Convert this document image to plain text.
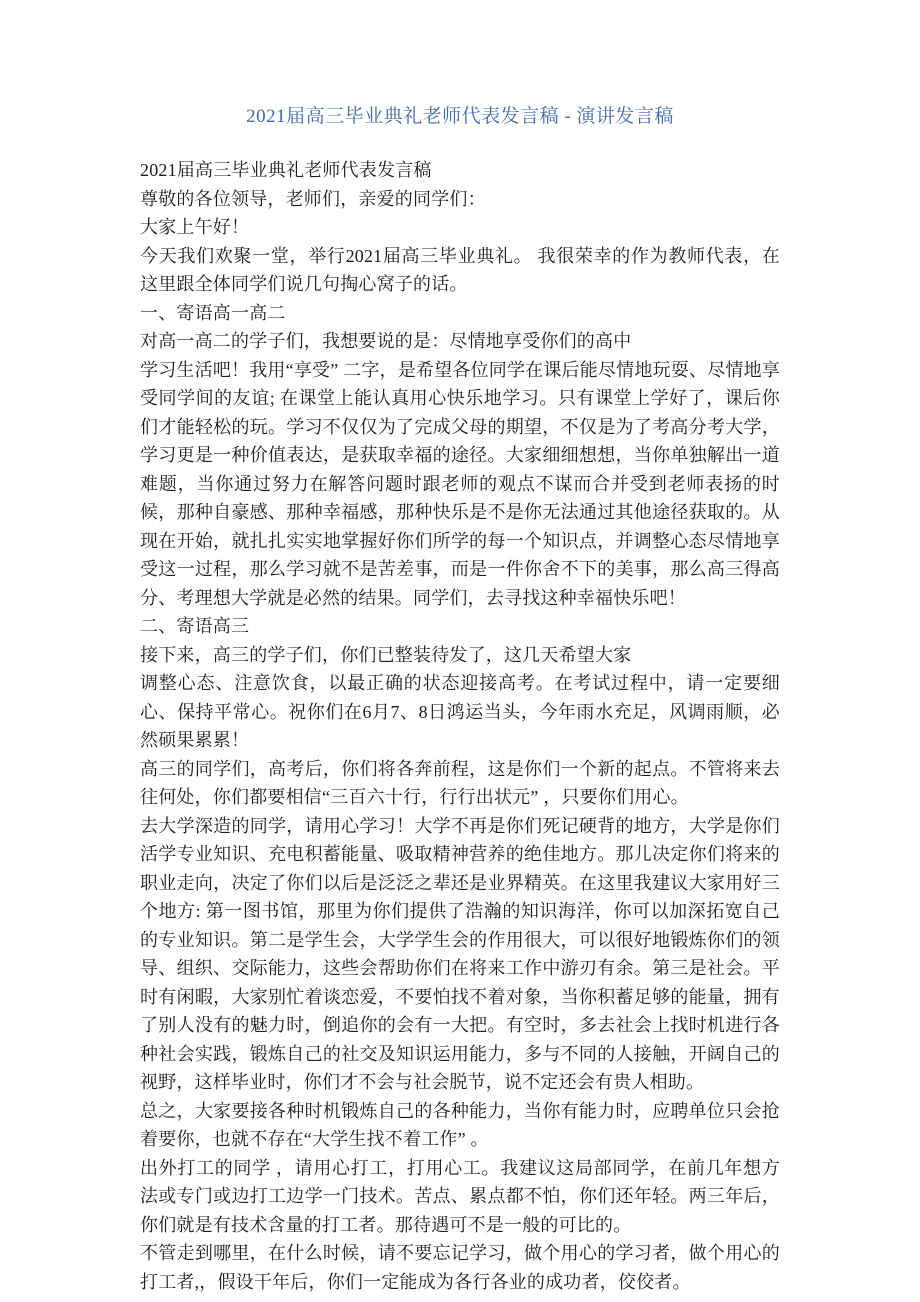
2021届高三毕业典礼老师代表发言稿 - 演讲发言稿

2021届高三毕业典礼老师代表发言稿

尊敬的各位领导，老师们，亲爱的同学们：

大家上午好！

今天我们欢聚一堂，举行2021届高三毕业典礼。 我很荣幸的作为教师代表，在这里跟全体同学们说几句掏心窝子的话。

一、寄语高一高二

对高一高二的学子们，我想要说的是：尽情地享受你们的高中

学习生活吧！我用“享受” 二字，是希望各位同学在课后能尽情地玩耍、尽情地享受同学间的友谊; 在课堂上能认真用心快乐地学习。只有课堂上学好了，课后你们才能轻松的玩。学习不仅仅为了完成父母的期望，不仅是为了考高分考大学，学习更是一种价值表达，是获取幸福的途径。大家细细想想，当你单独解出一道难题，当你通过努力在解答问题时跟老师的观点不谋而合并受到老师表扬的时候，那种自豪感、那种幸福感，那种快乐是不是你无法通过其他途径获取的。从现在开始，就扎扎实实地掌握好你们所学的每一个知识点，并调整心态尽情地享受这一过程，那么学习就不是苦差事，而是一件你舍不下的美事，那么高三得高分、考理想大学就是必然的结果。同学们，去寻找这种幸福快乐吧！

二、寄语高三

接下来，高三的学子们，你们已整装待发了，这几天希望大家

调整心态、注意饮食，以最正确的状态迎接高考。在考试过程中，请一定要细心、保持平常心。祝你们在6月7、8日鸿运当头，今年雨水充足，风调雨顺，必然硕果累累！

高三的同学们，高考后，你们将各奔前程，这是你们一个新的起点。不管将来去往何处，你们都要相信“三百六十行，行行出状元” ，只要你们用心。

去大学深造的同学，请用心学习！大学不再是你们死记硬背的地方，大学是你们活学专业知识、充电积蓄能量、吸取精神营养的绝佳地方。那儿决定你们将来的职业走向，决定了你们以后是泛泛之辈还是业界精英。在这里我建议大家用好三个地方: 第一图书馆，那里为你们提供了浩瀚的知识海洋，你可以加深拓宽自己的专业知识。第二是学生会，大学学生会的作用很大，可以很好地锻炼你们的领导、组织、交际能力，这些会帮助你们在将来工作中游刃有余。第三是社会。平时有闲暇，大家别忙着谈恋爱，不要怕找不着对象，当你积蓄足够的能量，拥有了别人没有的魅力时，倒追你的会有一大把。有空时，多去社会上找时机进行各种社会实践，锻炼自己的社交及知识运用能力，多与不同的人接触，开阔自己的视野，这样毕业时，你们才不会与社会脱节，说不定还会有贵人相助。

总之，大家要接各种时机锻炼自己的各种能力，当你有能力时，应聘单位只会抢着要你，也就不存在“大学生找不着工作” 。

出外打工的同学 ，请用心打工，打用心工。我建议这局部同学，在前几年想方法或专门或边打工边学一门技术。苦点、累点都不怕，你们还年轻。两三年后，你们就是有技术含量的打工者。那待遇可不是一般的可比的。

不管走到哪里，在什么时候，请不要忘记学习，做个用心的学习者，做个用心的打工者,，假设干年后，你们一定能成为各行各业的成功者，佼佼者。
